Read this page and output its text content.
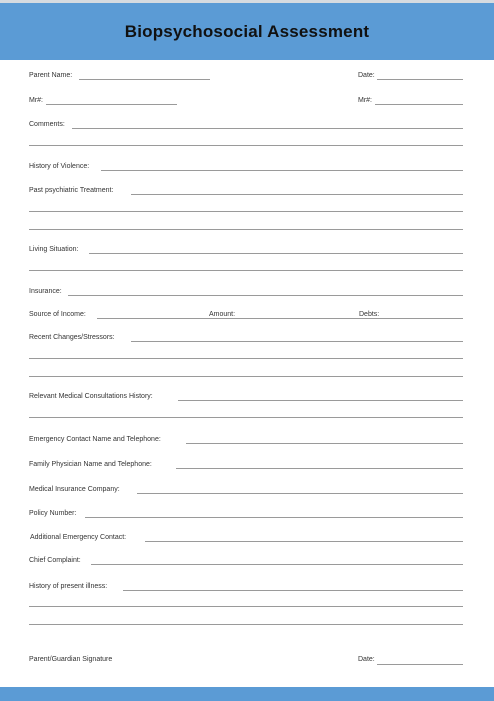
Biopsychosocial Assessment
Parent Name:	Date:
Mr#:	Mr#:
Comments:
History of Violence:
Past psychiatric Treatment:
Living Situation:
Insurance:
Source of Income:	Amount:	Debts:
Recent Changes/Stressors:
Relevant Medical Consultations History:
Emergency Contact Name and Telephone:
Family Physician Name and Telephone:
Medical Insurance Company:
Policy Number:
Additional Emergency Contact:
Chief Complaint:
History of present illness:
Parent/Guardian Signature	Date:
